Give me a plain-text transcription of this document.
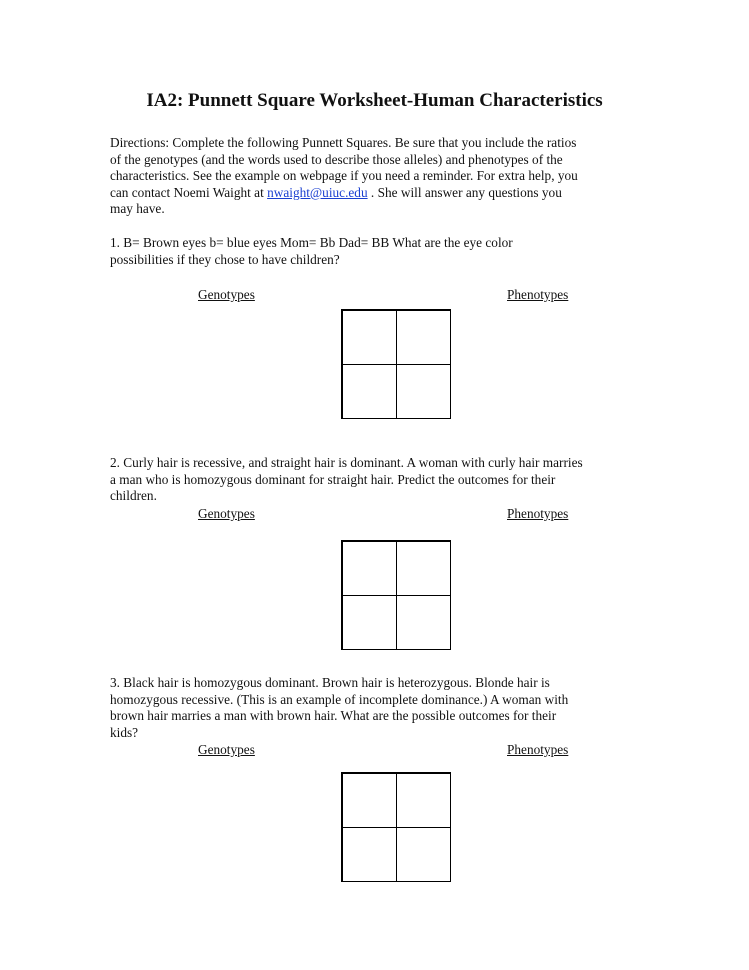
IA2: Punnett Square Worksheet-Human Characteristics
Directions: Complete the following Punnett Squares. Be sure that you include the ratios
of the genotypes (and the words used to describe those alleles) and phenotypes of the
characteristics. See the example on webpage if you need a reminder. For extra help, you
can contact Noemi Waight at nwaight@uiuc.edu . She will answer any questions you
may have.
1. B= Brown eyes b= blue eyes Mom= Bb Dad= BB What are the eye color
possibilities if they chose to have children?
Genotypes	Phenotypes
2. Curly hair is recessive, and straight hair is dominant. A woman with curly hair marries
a man who is homozygous dominant for straight hair. Predict the outcomes for their
children.
Genotypes	Phenotypes
3. Black hair is homozygous dominant. Brown hair is heterozygous. Blonde hair is
homozygous recessive. (This is an example of incomplete dominance.) A woman with
brown hair marries a man with brown hair. What are the possible outcomes for their
kids?
Genotypes	Phenotypes
